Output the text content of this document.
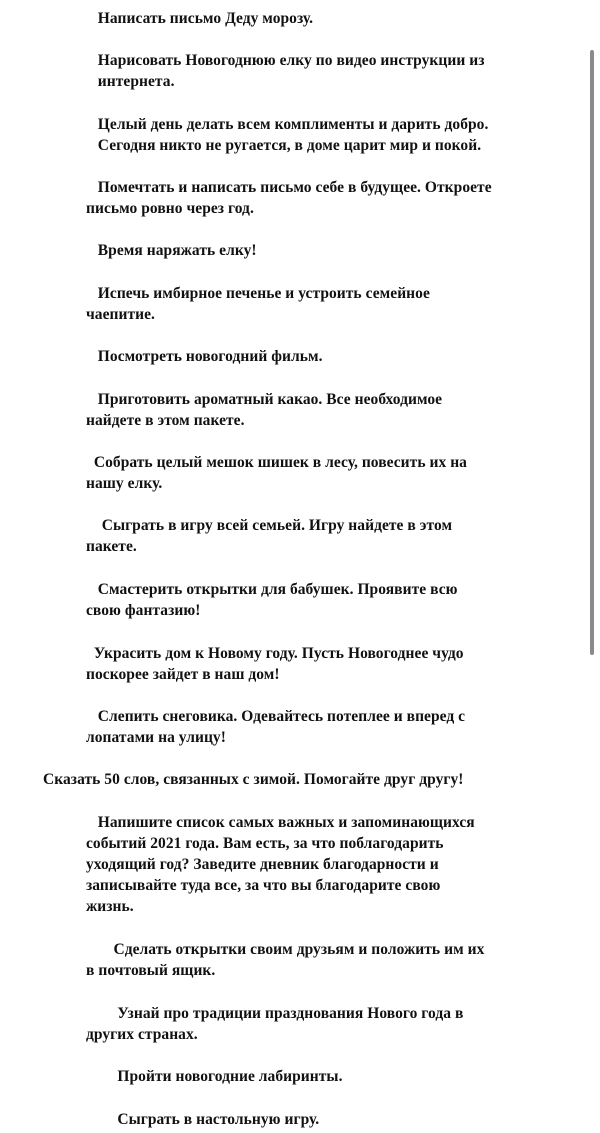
Написать письмо Деду морозу.

Нарисовать Новогоднюю елку по видео инструкции из
интернета.

Целый день делать всем комплименты и дарить добро.
Сегодня никто не ругается, в доме царит мир и покой.

Помечтать и написать письмо себе в будущее. Откроете
письмо ровно через год.

Время наряжать елку!

Испечь имбирное печенье и устроить семейное
чаепитие.

Посмотреть новогодний фильм.

Приготовить ароматный какао. Все необходимое
найдете в этом пакете.

Собрать целый мешок шишек в лесу, повесить их на
нашу елку.

Сыграть в игру всей семьей. Игру найдете в этом
пакете.

Смастерить открытки для бабушек. Проявите всю
свою фантазию!

Украсить дом к Новому году. Пусть Новогоднее чудо
поскорее зайдет в наш дом!

Слепить снеговика. Одевайтесь потеплее и вперед с
лопатами на улицу!

Сказать 50 слов, связанных с зимой. Помогайте друг другу!

Напишите список самых важных и запоминающихся
событий 2021 года. Вам есть, за что поблагодарить
уходящий год? Заведите дневник благодарности и
записывайте туда все, за что вы благодарите свою
жизнь.

Сделать открытки своим друзьям и положить им их
в почтовый ящик.

Узнай про традиции празднования Нового года в
других странах.

Пройти новогодние лабиринты.

Сыграть в настольную игру.
